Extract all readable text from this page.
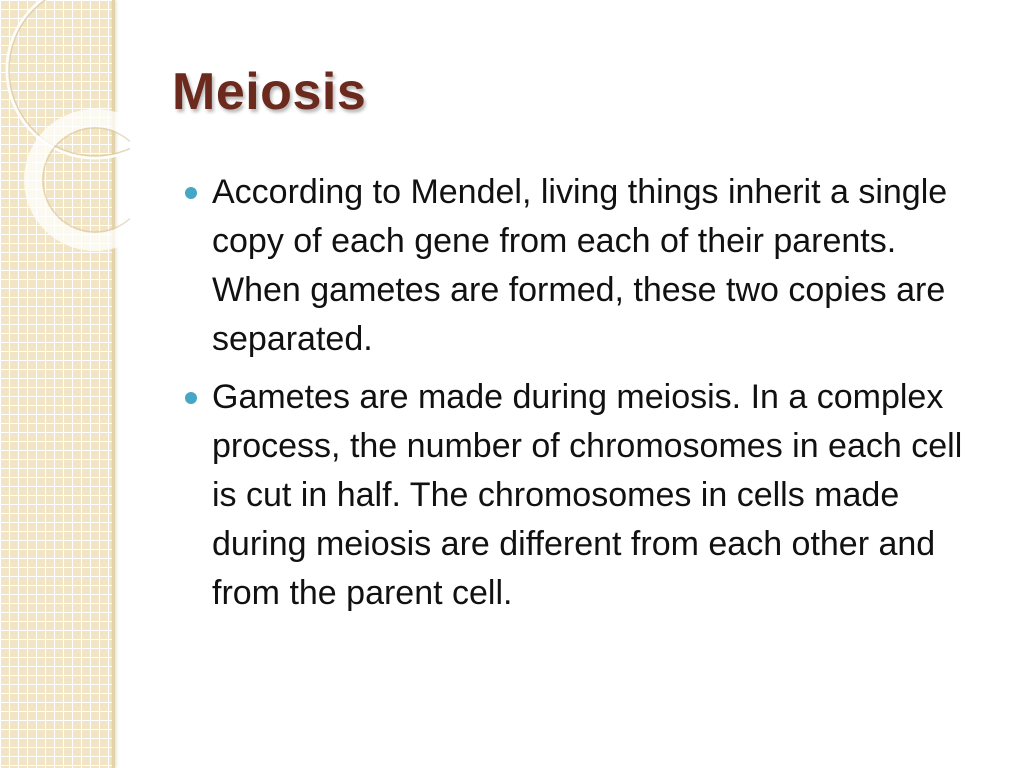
Meiosis
According to Mendel, living things inherit a single copy of each gene from each of their parents. When gametes are formed, these two copies are separated.
Gametes are made during meiosis. In a complex process, the number of chromosomes in each cell is cut in half. The chromosomes in cells made during meiosis are different from each other and from the parent cell.
